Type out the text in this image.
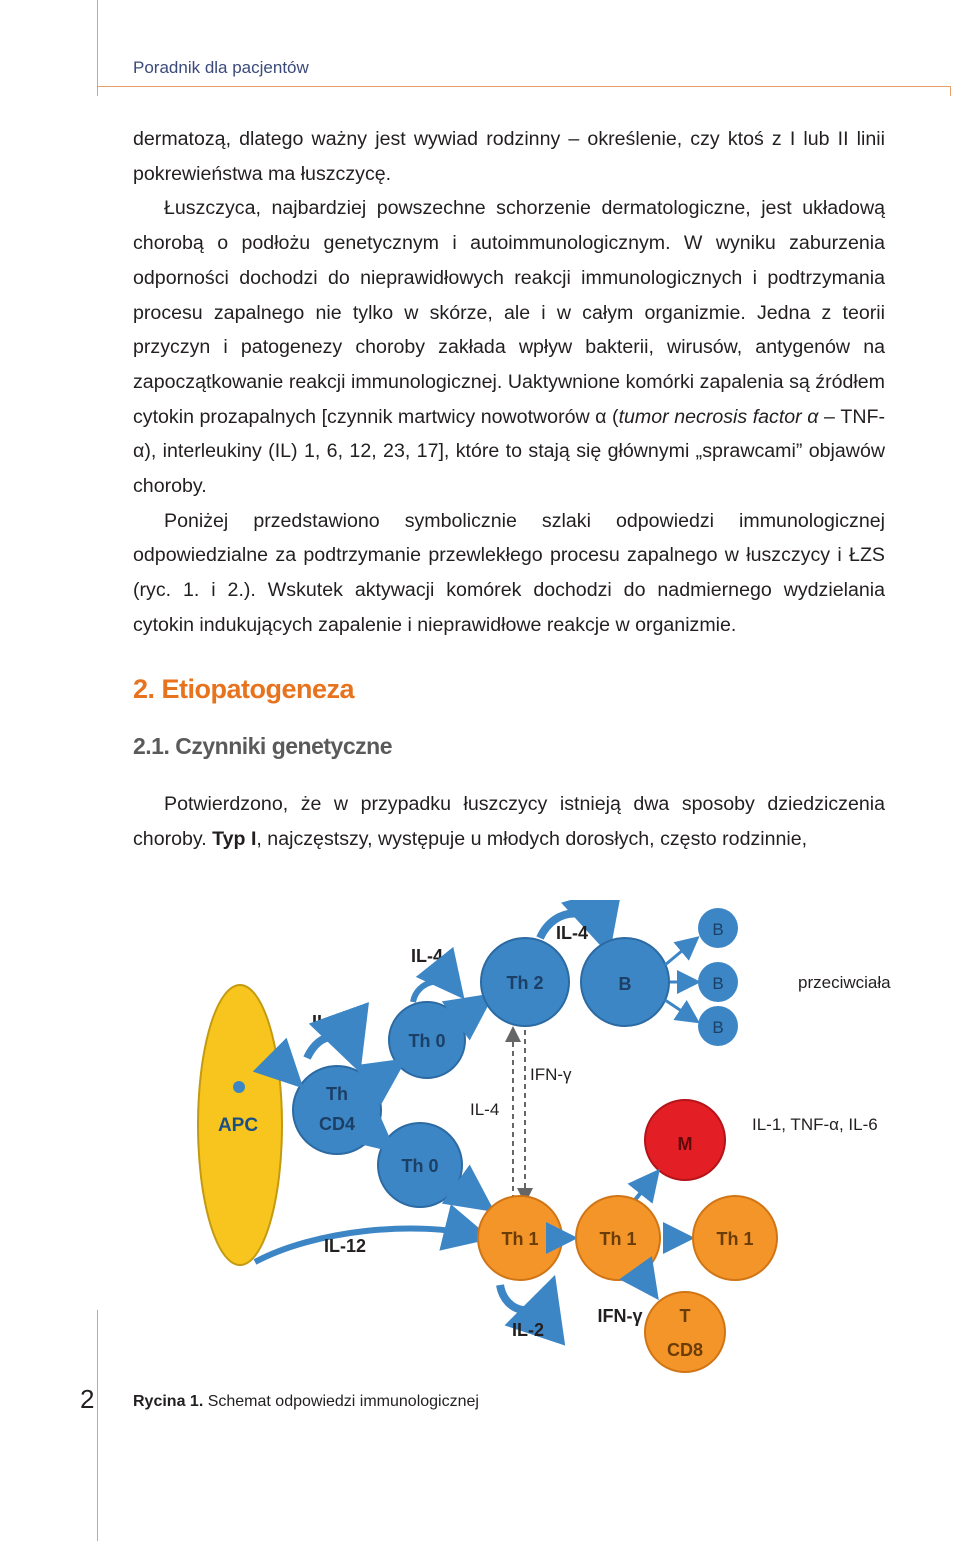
Poradnik dla pacjentów

dermatozą, dlatego ważny jest wywiad rodzinny – określenie, czy ktoś z I lub II linii pokrewieństwa ma łuszczycę.

Łuszczyca, najbardziej powszechne schorzenie dermatologiczne, jest układową chorobą o podłożu genetycznym i autoimmunologicznym. W wyniku zaburzenia odporności dochodzi do nieprawidłowych reakcji immunologicznych i podtrzymania procesu zapalnego nie tylko w skórze, ale i w całym organizmie. Jedna z teorii przyczyn i patogenezy choroby zakłada wpływ bakterii, wirusów, antygenów na zapoczątkowanie reakcji immunologicznej. Uaktywnione komórki zapalenia są źródłem cytokin prozapalnych [czynnik martwicy nowotworów α (tumor necrosis factor α – TNF-α), interleukiny (IL) 1, 6, 12, 23, 17], które to stają się głównymi „sprawcami” objawów choroby.

Poniżej przedstawiono symbolicznie szlaki odpowiedzi immunologicznej odpowiedzialne za podtrzymanie przewlekłego procesu zapalnego w łuszczycy i ŁZS (ryc. 1. i 2.). Wskutek aktywacji komórek dochodzi do nadmiernego wydzielania cytokin indukujących zapalenie i nieprawidłowe reakcje w organizmie.

2. Etiopatogeneza
2.1. Czynniki genetyczne

Potwierdzono, że w przypadku łuszczycy istnieją dwa sposoby dziedziczenia choroby. Typ I, najczęstszy, występuje u młodych dorosłych, często rodzinnie,

APC
IL-2
Th
CD4
Th 0
IL-4
Th 2
IL-4
B
B
B
B
przeciwciała
IFN-γ
IL-4
Th 0
M
IL-1, TNF-α, IL-6
IL-12	Th 1	Th 1	Th 1
IL-2
IFN-γ T
CD8
2 Rycina 1. Schemat odpowiedzi immunologicznej
